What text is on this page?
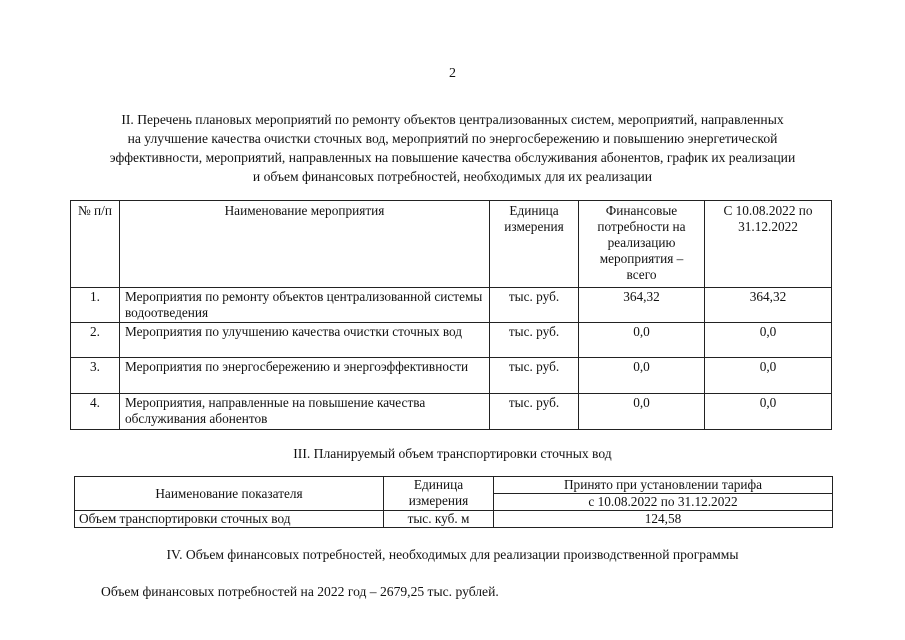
2
II. Перечень плановых мероприятий по ремонту объектов централизованных систем, мероприятий, направленных
на улучшение качества очистки сточных вод, мероприятий по энергосбережению и повышению энергетической
эффективности, мероприятий, направленных на повышение качества обслуживания абонентов, график их реализации
и объем финансовых потребностей, необходимых для их реализации
№ п/п	Наименование мероприятия	Единица измерения	Финансовые потребности на реализацию мероприятия – всего	С 10.08.2022 по 31.12.2022
1.	Мероприятия по ремонту объектов централизованной системы водоотведения	тыс. руб.	364,32	364,32
2.	Мероприятия по улучшению качества очистки сточных вод	тыс. руб.	0,0	0,0
3.	Мероприятия по энергосбережению и энергоэффективности	тыс. руб.	0,0	0,0
4.	Мероприятия, направленные на повышение качества обслуживания абонентов	тыс. руб.	0,0	0,0
III. Планируемый объем транспортировки сточных вод
Наименование показателя	Единица измерения	Принято при установлении тарифа
		с 10.08.2022 по 31.12.2022
Объем транспортировки сточных вод	тыс. куб. м	124,58
IV. Объем финансовых потребностей, необходимых для реализации производственной программы
Объем финансовых потребностей на 2022 год – 2679,25 тыс. рублей.
